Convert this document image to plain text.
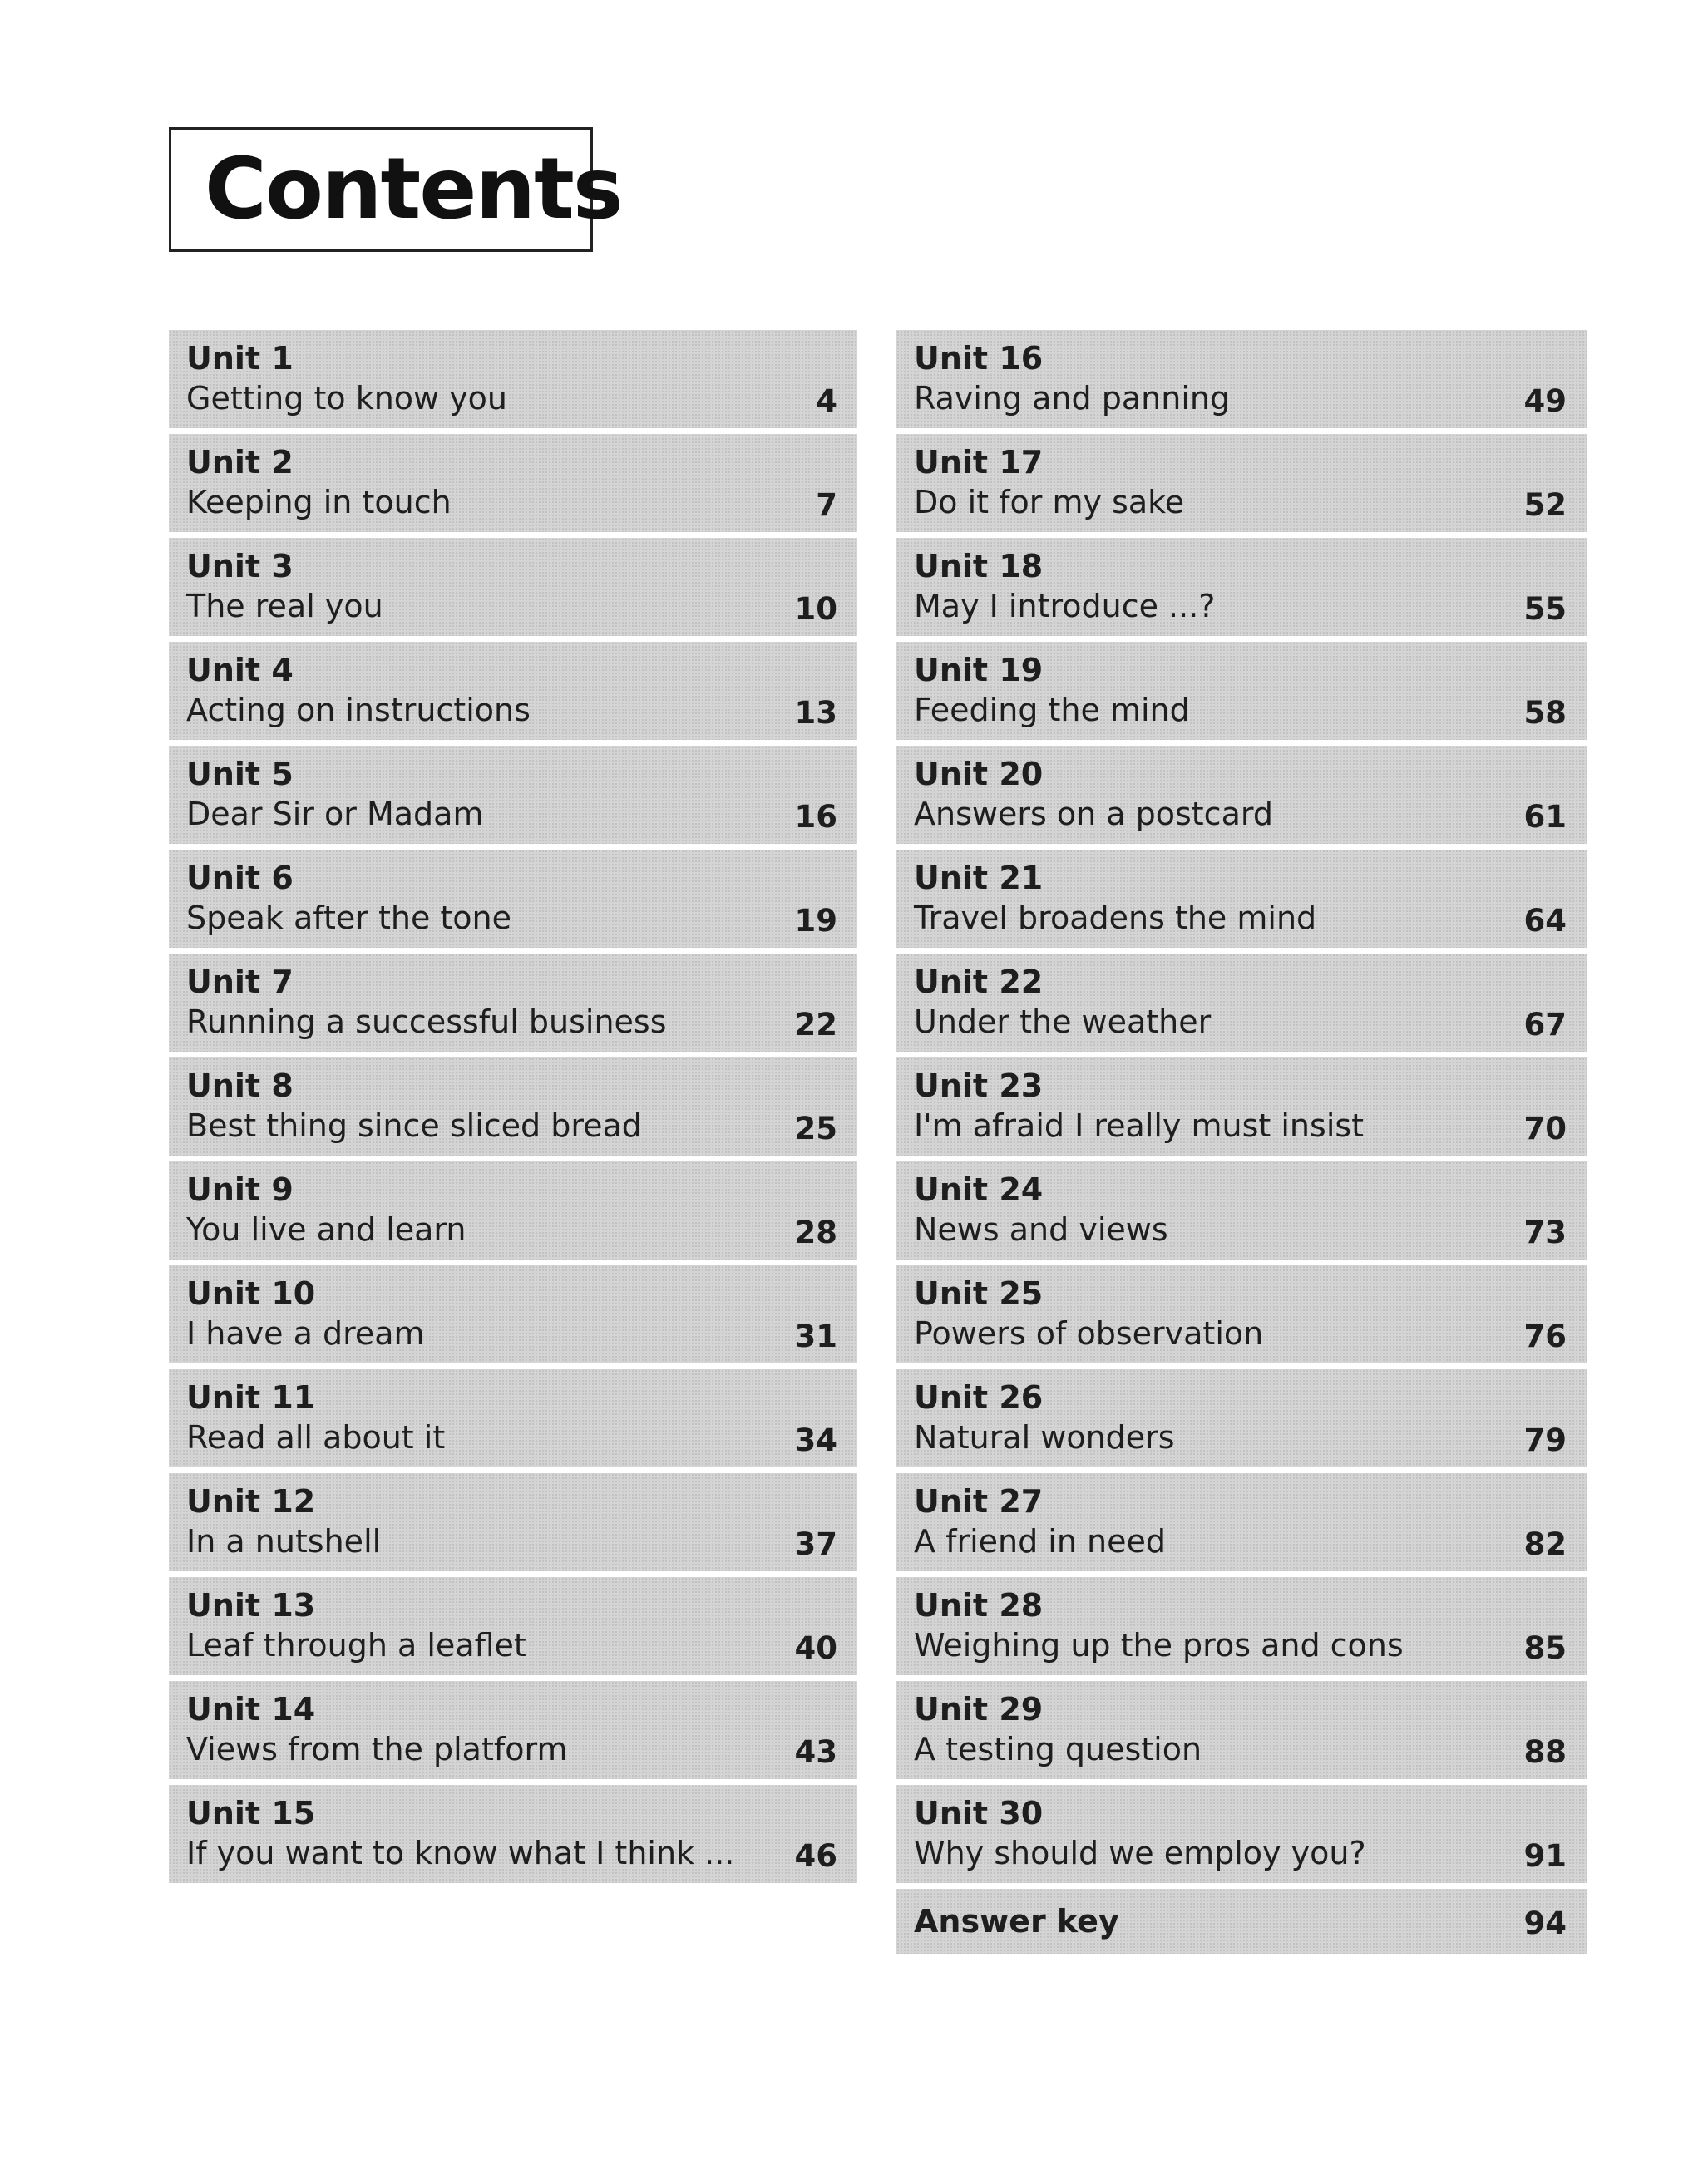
Contents
Unit 1
Getting to know you	4
Unit 2
Keeping in touch	7
Unit 3
The real you	10
Unit 4
Acting on instructions	13
Unit 5
Dear Sir or Madam	16
Unit 6
Speak after the tone	19
Unit 7
Running a successful business	22
Unit 8
Best thing since sliced bread	25
Unit 9
You live and learn	28
Unit 10
I have a dream	31
Unit 11
Read all about it	34
Unit 12
In a nutshell	37
Unit 13
Leaf through a leaflet	40
Unit 14
Views from the platform	43
Unit 15
If you want to know what I think ... 46
Unit 16
Raving and panning	49
Unit 17
Do it for my sake	52
Unit 18
May I introduce ...?	55
Unit 19
Feeding the mind	58
Unit 20
Answers on a postcard	61
Unit 21
Travel broadens the mind	64
Unit 22
Under the weather	67
Unit 23
I'm afraid I really must insist	70
Unit 24
News and views	73
Unit 25
Powers of observation	76
Unit 26
Natural wonders	79
Unit 27
A friend in need	82
Unit 28
Weighing up the pros and cons	85
Unit 29
A testing question	88
Unit 30
Why should we employ you?	91
Answer key	94
